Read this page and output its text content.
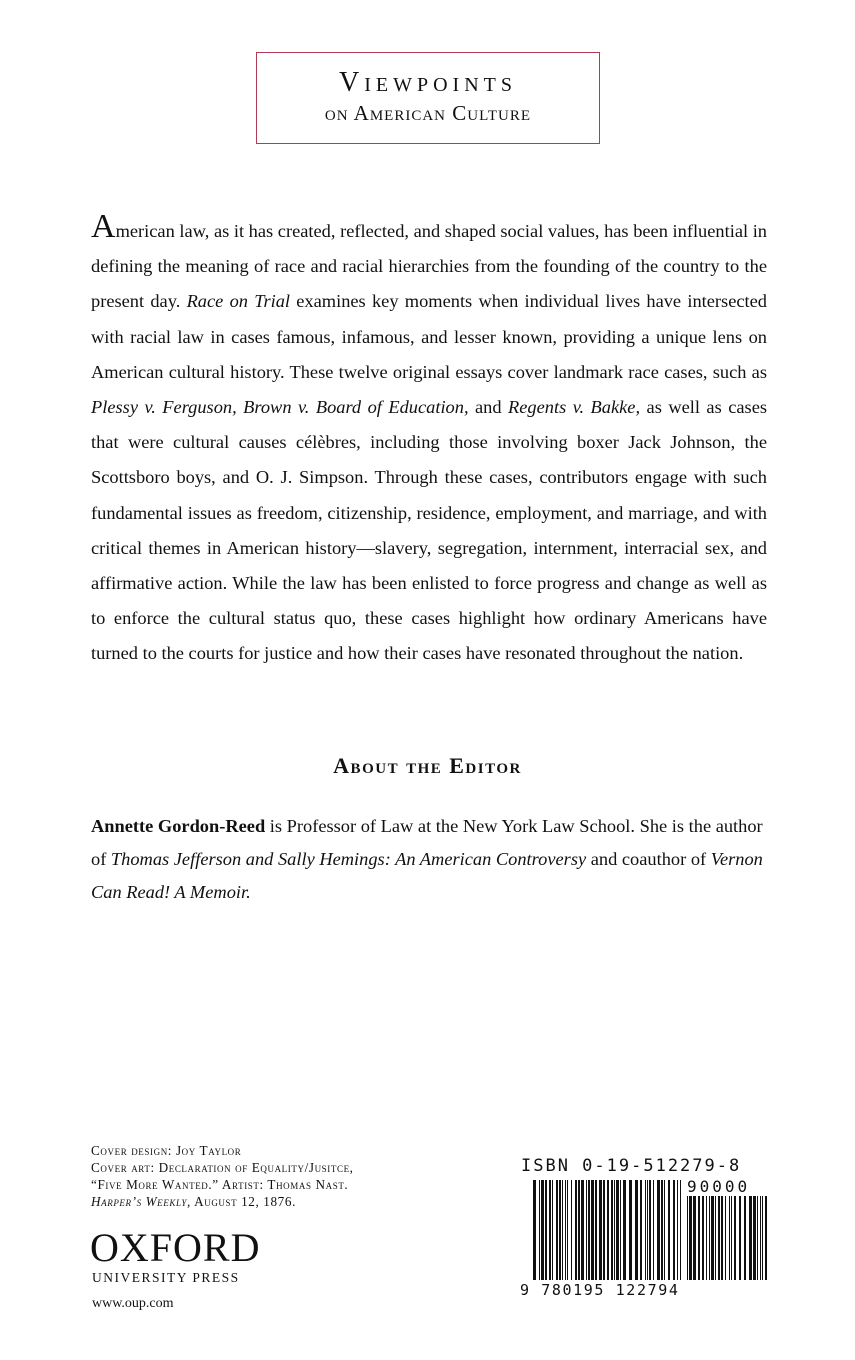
Viewpoints
on American Culture

American law, as it has created, reflected, and shaped social values, has been influential in defining the meaning of race and racial hierarchies from the founding of the country to the present day. Race on Trial examines key moments when individual lives have intersected with racial law in cases famous, infamous, and lesser known, providing a unique lens on American cultural history. These twelve original essays cover landmark race cases, such as Plessy v. Ferguson, Brown v. Board of Education, and Regents v. Bakke, as well as cases that were cultural causes célèbres, including those involving boxer Jack Johnson, the Scottsboro boys, and O. J. Simpson. Through these cases, contributors engage with such fundamental issues as freedom, citizenship, residence, employment, and marriage, and with critical themes in American history—slavery, segregation, internment, interracial sex, and affirmative action. While the law has been enlisted to force progress and change as well as to enforce the cultural status quo, these cases highlight how ordinary Americans have turned to the courts for justice and how their cases have resonated throughout the nation.

About the Editor

Annette Gordon-Reed is Professor of Law at the New York Law School. She is the author of Thomas Jefferson and Sally Hemings: An American Controversy and coauthor of Vernon Can Read! A Memoir.

Cover design: Joy Taylor
Cover art: Declaration of Equality/Jusitce,
“Five More Wanted.” Artist: Thomas Nast.
Harper’s Weekly, August 12, 1876.
OXFORD
UNIVERSITY PRESS
www.oup.com
ISBN 0-19-512279-8
90000
9 780195 122794
